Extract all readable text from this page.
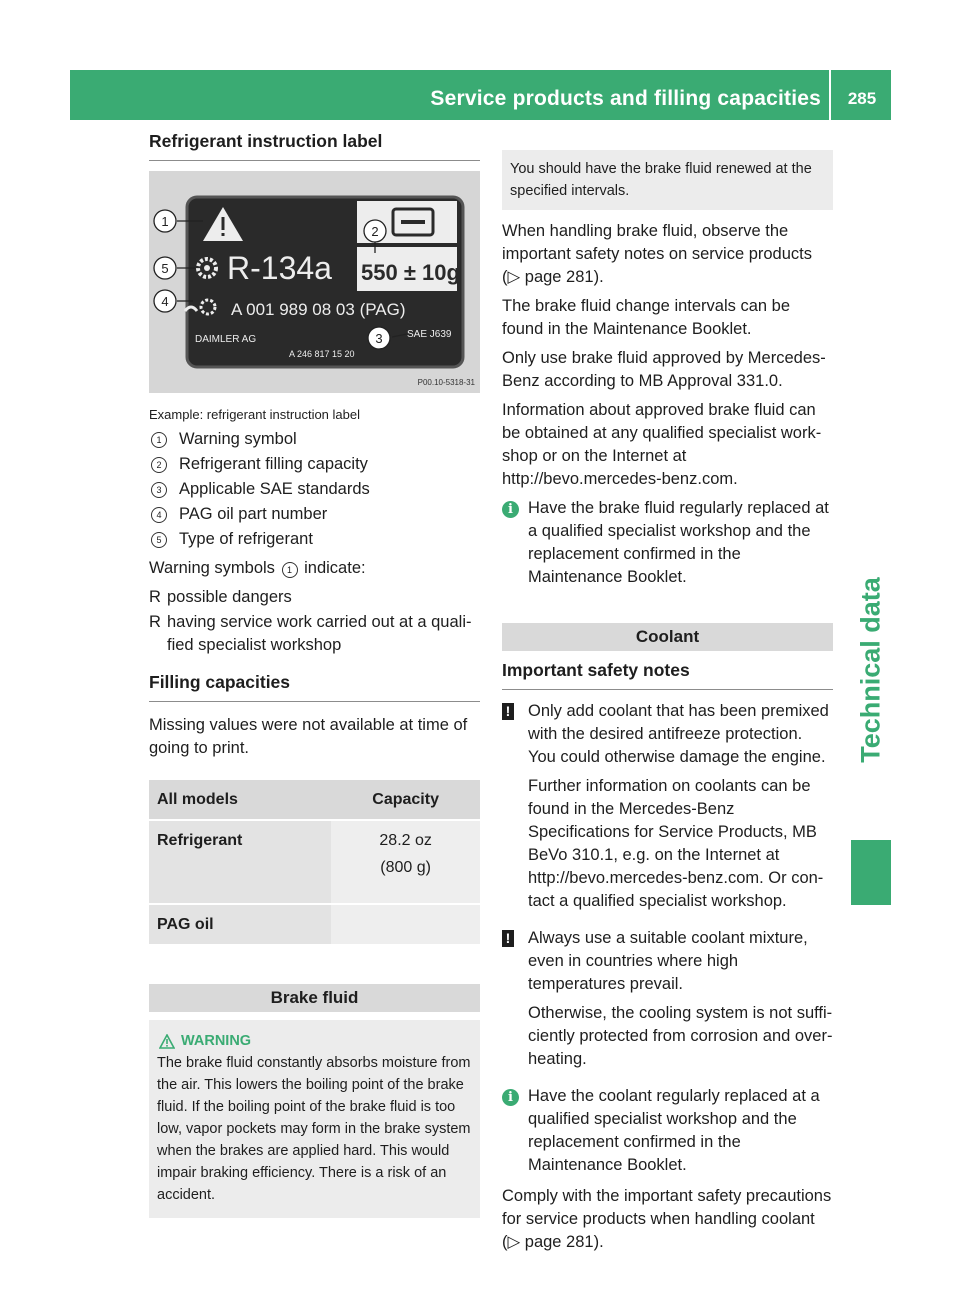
Service products and filling capacities	285
Technical data
Refrigerant instruction label
1
2
3
4
5 R-134a
A 001 989 08 03 (PAG)
DAIMLER AG
A 246 817 15 20
SAE J639
550 ± 10g
P00.10-5318-31
Example: refrigerant instruction label
1	Warning symbol
2	Refrigerant filling capacity
3	Applicable SAE standards
4	PAG oil part number
5	Type of refrigerant

Warning symbols 1 indicate:

R possible dangers
R having service work carried out at a quali-fied specialist workshop
Filling capacities

Missing values were not available at time of going to print.

All models	Capacity
Refrigerant	28.2 oz
(800 g)

PAG oil	
Brake fluid
WARNING
The brake fluid constantly absorbs moisture from the air. This lowers the boiling point of the brake fluid. If the boiling point of the brake fluid is too low, vapor pockets may form in the brake system when the brakes are applied hard. This would impair braking efficiency. There is a risk of an accident.
You should have the brake fluid renewed at the specified intervals.

When handling brake fluid, observe the important safety notes on service products (▷ page 281).

The brake fluid change intervals can be found in the Maintenance Booklet.

Only use brake fluid approved by Mercedes-Benz according to MB Approval 331.0.

Information about approved brake fluid can be obtained at any qualified specialist work-shop or on the Internet at http://bevo.mercedes-benz.com.

i Have the brake fluid regularly replaced at a qualified specialist workshop and the replacement confirmed in the Maintenance Booklet.
Coolant
Important safety notes
!	Only add coolant that has been premixed with the desired antifreeze protection. You could otherwise damage the engine.

Further information on coolants can be found in the Mercedes-Benz Specifications for Service Products, MB BeVo 310.1, e.g. on the Internet at http://bevo.mercedes-benz.com. Or con-tact a qualified specialist workshop.

!	Always use a suitable coolant mixture, even in countries where high temperatures prevail.

Otherwise, the cooling system is not suffi-ciently protected from corrosion and over-heating.

i Have the coolant regularly replaced at a qualified specialist workshop and the replacement confirmed in the Maintenance Booklet.

Comply with the important safety precautions for service products when handling coolant (▷ page 281).
